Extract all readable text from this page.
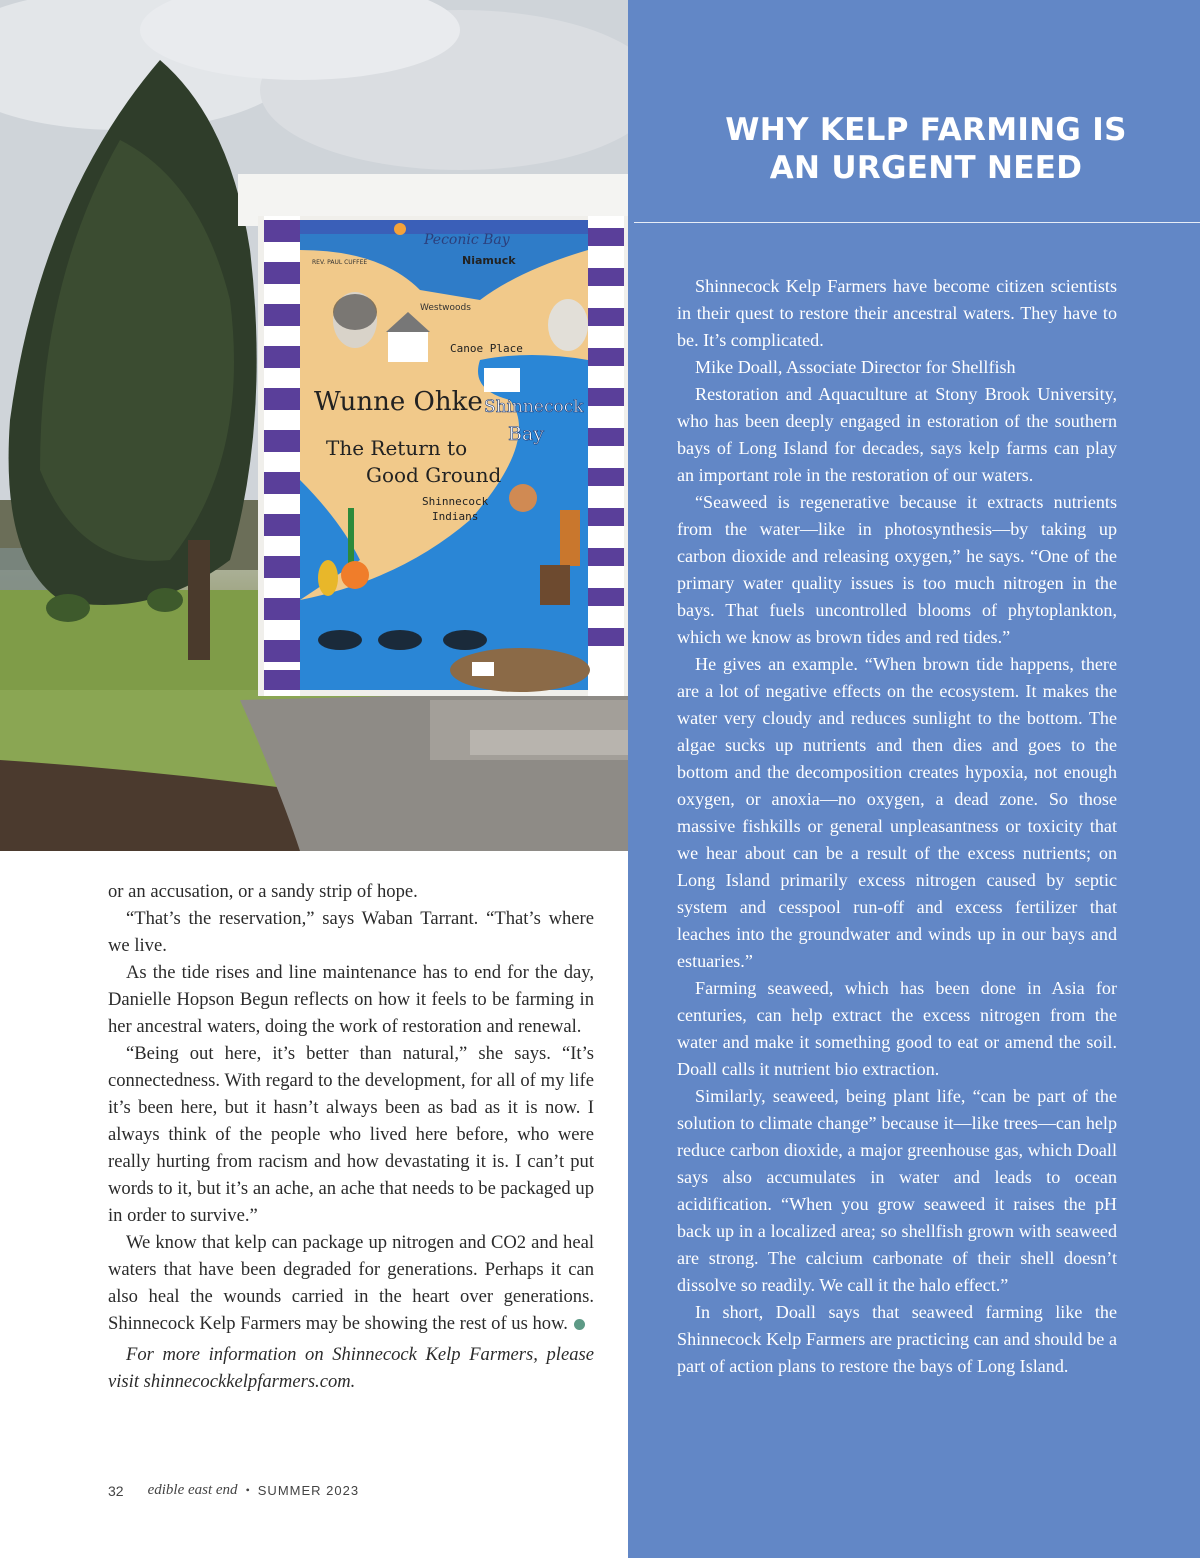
Peconic Bay
Niamuck
REV. PAUL CUFFEE
Westwoods
Canoe Place
Wunne Ohke Shinnecock
Bay
The Return to
Good Ground
Shinnecock
Indians

or an accusation, or a sandy strip of hope.

“That’s the reservation,” says Waban Tarrant. “That’s where we live.

As the tide rises and line maintenance has to end for the day, Danielle Hopson Begun reflects on how it feels to be farming in her ancestral waters, doing the work of restoration and renewal.

“Being out here, it’s better than natural,” she says. “It’s connectedness. With regard to the development, for all of my life it’s been here, but it hasn’t always been as bad as it is now. I always think of the people who lived here before, who were really hurting from racism and how devastating it is. I can’t put words to it, but it’s an ache, an ache that needs to be packaged up in order to survive.”

We know that kelp can package up nitrogen and CO2 and heal waters that have been degraded for generations. Perhaps it can also heal the wounds carried in the heart over generations. Shinnecock Kelp Farmers may be showing the rest of us how.

For more information on Shinnecock Kelp Farmers, please visit shinnecockkelpfarmers.com.

32 edible east end • SUMMER 2023
WHY KELP FARMING IS
AN URGENT NEED

Shinnecock Kelp Farmers have become citizen scientists in their quest to restore their ancestral waters. They have to be. It’s complicated.

Mike Doall, Associate Director for Shellfish

Restoration and Aquaculture at Stony Brook University, who has been deeply engaged in estoration of the southern bays of Long Island for decades, says kelp farms can play an important role in the restoration of our waters.

“Seaweed is regenerative because it extracts nutrients from the water—like in photosynthesis—by taking up carbon dioxide and releasing oxygen,” he says. “One of the primary water quality issues is too much nitrogen in the bays. That fuels uncontrolled blooms of phytoplankton, which we know as brown tides and red tides.”

He gives an example. “When brown tide happens, there are a lot of negative effects on the ecosystem. It makes the water very cloudy and reduces sunlight to the bottom. The algae sucks up nutrients and then dies and goes to the bottom and the decomposition creates hypoxia, not enough oxygen, or anoxia—no oxygen, a dead zone. So those massive fishkills or general unpleasantness or toxicity that we hear about can be a result of the excess nutrients; on Long Island primarily excess nitrogen caused by septic system and cesspool run-off and excess fertilizer that leaches into the groundwater and winds up in our bays and estuaries.”

Farming seaweed, which has been done in Asia for centuries, can help extract the excess nitrogen from the water and make it something good to eat or amend the soil. Doall calls it nutrient bio extraction.

Similarly, seaweed, being plant life, “can be part of the solution to climate change” because it—like trees—can help reduce carbon dioxide, a major greenhouse gas, which Doall says also accumulates in water and leads to ocean acidification. “When you grow seaweed it raises the pH back up in a localized area; so shellfish grown with seaweed are strong. The calcium carbonate of their shell doesn’t dissolve so readily. We call it the halo effect.”

In short, Doall says that seaweed farming like the Shinnecock Kelp Farmers are practicing can and should be a part of action plans to restore the bays of Long Island.
